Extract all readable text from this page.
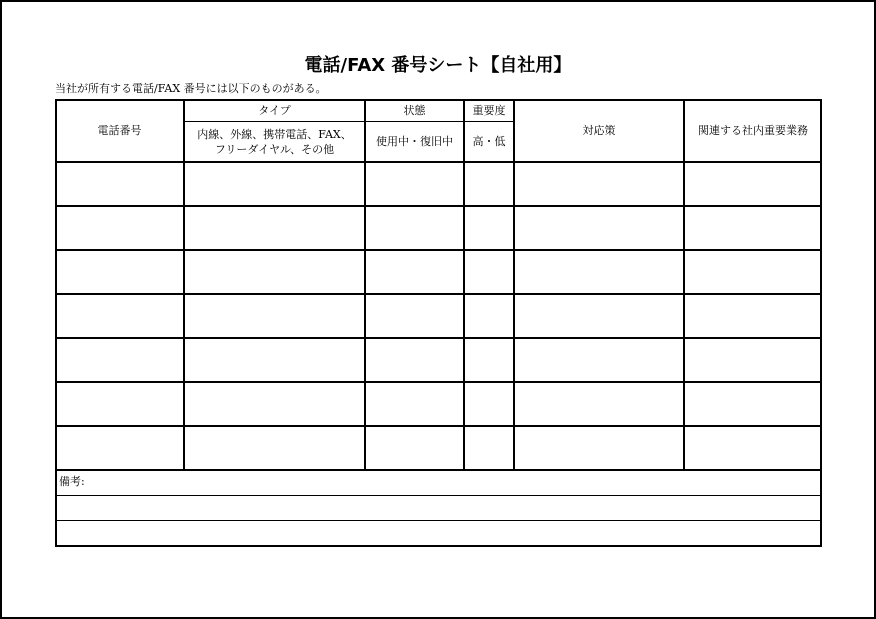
電話/FAX 番号シート【自社用】
当社が所有する電話/FAX 番号には以下のものがある。
電話番号
タイプ
内線、外線、携帯電話、FAX、
フリーダイヤル、その他
状態
使用中・復旧中
重要度
高・低
対応策	関連する社内重要業務
備考:
